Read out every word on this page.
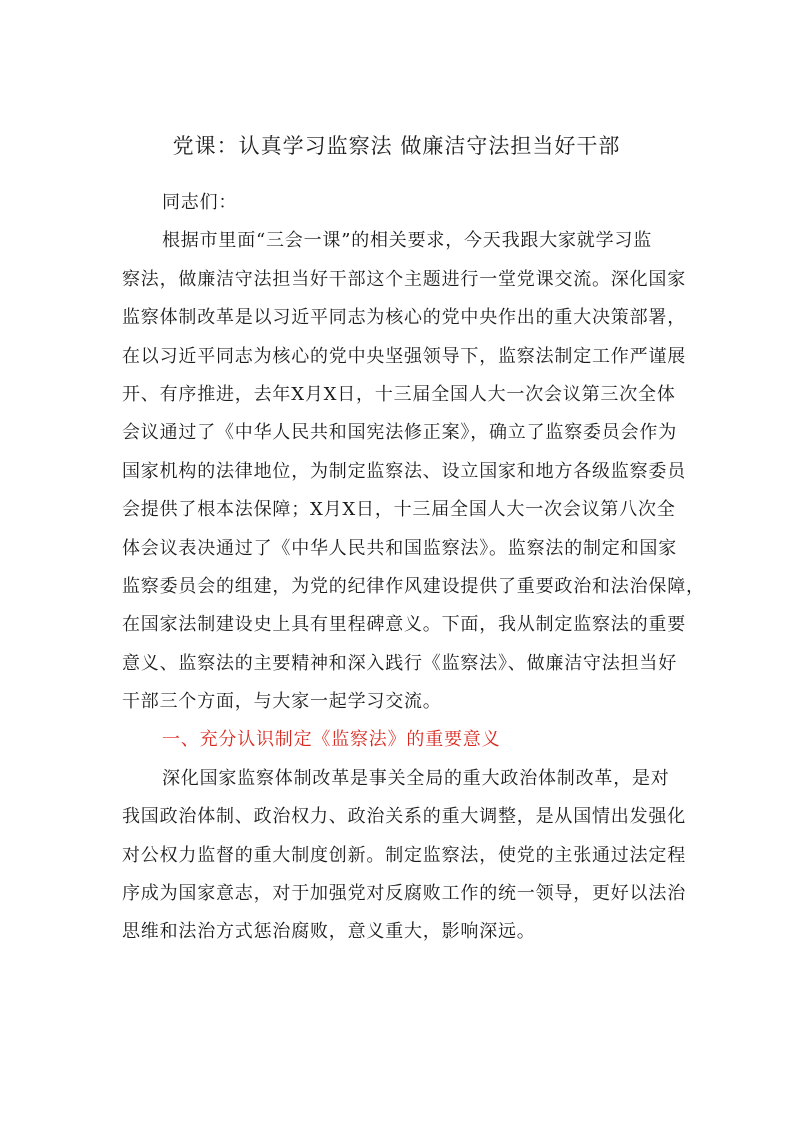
党课：认真学习监察法 做廉洁守法担当好干部
同志们：
根据市里面“三会一课”的相关要求，今天我跟大家就学习监
察法，做廉洁守法担当好干部这个主题进行一堂党课交流。深化国家
监察体制改革是以习近平同志为核心的党中央作出的重大决策部署，
在以习近平同志为核心的党中央坚强领导下，监察法制定工作严谨展
开、有序推进，去年X月X日，十三届全国人大一次会议第三次全体
会议通过了《中华人民共和国宪法修正案》，确立了监察委员会作为
国家机构的法律地位，为制定监察法、设立国家和地方各级监察委员
会提供了根本法保障；X月X日，十三届全国人大一次会议第八次全
体会议表决通过了《中华人民共和国监察法》。监察法的制定和国家
监察委员会的组建，为党的纪律作风建设提供了重要政治和法治保障，
在国家法制建设史上具有里程碑意义。下面，我从制定监察法的重要
意义、监察法的主要精神和深入践行《监察法》、做廉洁守法担当好
干部三个方面，与大家一起学习交流。
一、充分认识制定《监察法》的重要意义
深化国家监察体制改革是事关全局的重大政治体制改革，是对
我国政治体制、政治权力、政治关系的重大调整，是从国情出发强化
对公权力监督的重大制度创新。制定监察法，使党的主张通过法定程
序成为国家意志，对于加强党对反腐败工作的统一领导，更好以法治
思维和法治方式惩治腐败，意义重大，影响深远。
